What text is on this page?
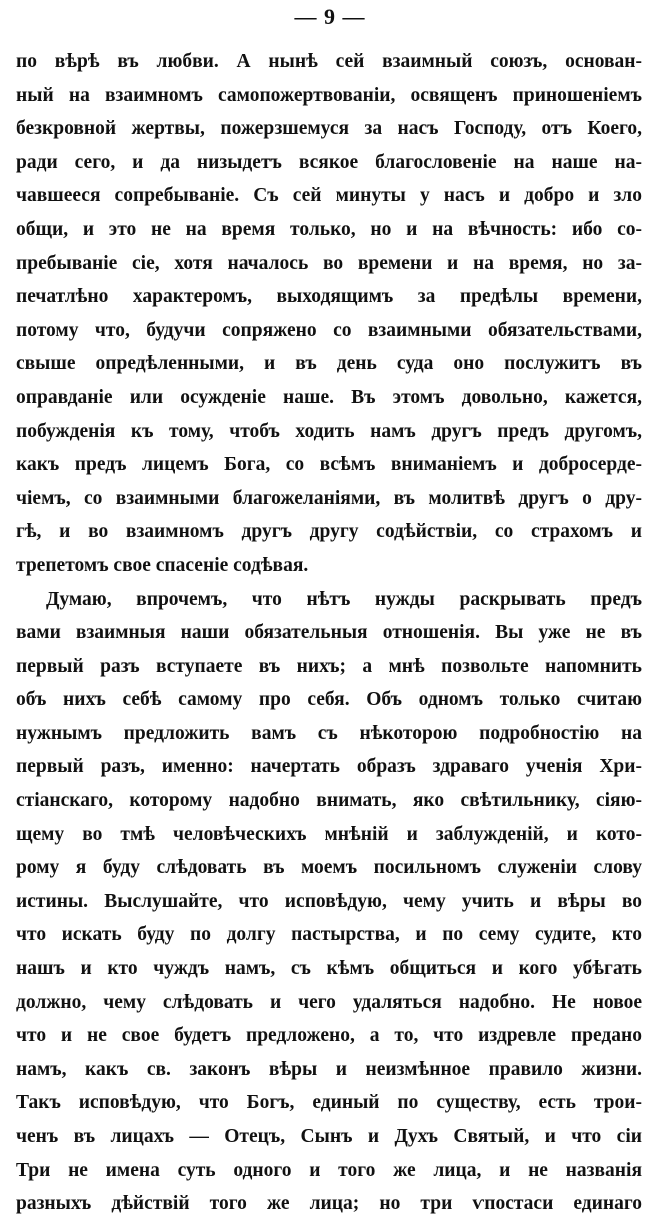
— 9 —
по вѣрѣ въ любви. А нынѣ сей взаимный союзъ, основан-
ный на взаимномъ самопожертвованіи, освященъ приношеніемъ
безкровной жертвы, пожерзшемуся за насъ Господу, отъ Коего,
ради сего, и да низыдетъ всякое благословеніе на наше на-
чавшееся сопребываніе. Съ сей минуты у насъ и добро и зло
общи, и это не на время только, но и на вѣчность: ибо со-
пребываніе сіе, хотя началось во времени и на время, но за-
печатлѣно характеромъ, выходящимъ за предѣлы времени,
потому что, будучи сопряжено со взаимными обязательствами,
свыше опредѣленными, и въ день суда оно послужитъ въ
оправданіе или осужденіе наше. Въ этомъ довольно, кажется,
побужденія къ тому, чтобъ ходить намъ другъ предъ другомъ,
какъ предъ лицемъ Бога, со всѣмъ вниманіемъ и добросерде-
чіемъ, со взаимными благожеланіями, въ молитвѣ другъ о дру-
гѣ, и во взаимномъ другъ другу содѣйствіи, со страхомъ и
трепетомъ свое спасеніе содѣвая.
Думаю, впрочемъ, что нѣтъ нужды раскрывать предъ
вами взаимныя наши обязательныя отношенія. Вы уже не въ
первый разъ вступаете въ нихъ; а мнѣ позвольте напомнить
объ нихъ себѣ самому про себя. Объ одномъ только считаю
нужнымъ предложить вамъ съ нѣкоторою подробностію на
первый разъ, именно: начертать образъ здраваго ученія Хри-
стіанскаго, которому надобно внимать, яко свѣтильнику, сіяю-
щему во тмѣ человѣческихъ мнѣній и заблужденій, и кото-
рому я буду слѣдовать въ моемъ посильномъ служеніи слову
истины. Выслушайте, что исповѣдую, чему учить и вѣры во
что искать буду по долгу пастырства, и по сему судите, кто
нашъ и кто чуждъ намъ, съ кѣмъ общиться и кого убѣгать
должно, чему слѣдовать и чего удаляться надобно. Не новое
что и не свое будетъ предложено, а то, что издревле предано
намъ, какъ св. законъ вѣры и неизмѣнное правило жизни.
Такъ исповѣдую, что Богъ, единый по существу, есть трои-
ченъ въ лицахъ — Отецъ, Сынъ и Духъ Святый, и что сіи
Три не имена суть одного и того же лица, и не названія
разныхъ дѣйствій того же лица; но три ѵпостаси единаго
